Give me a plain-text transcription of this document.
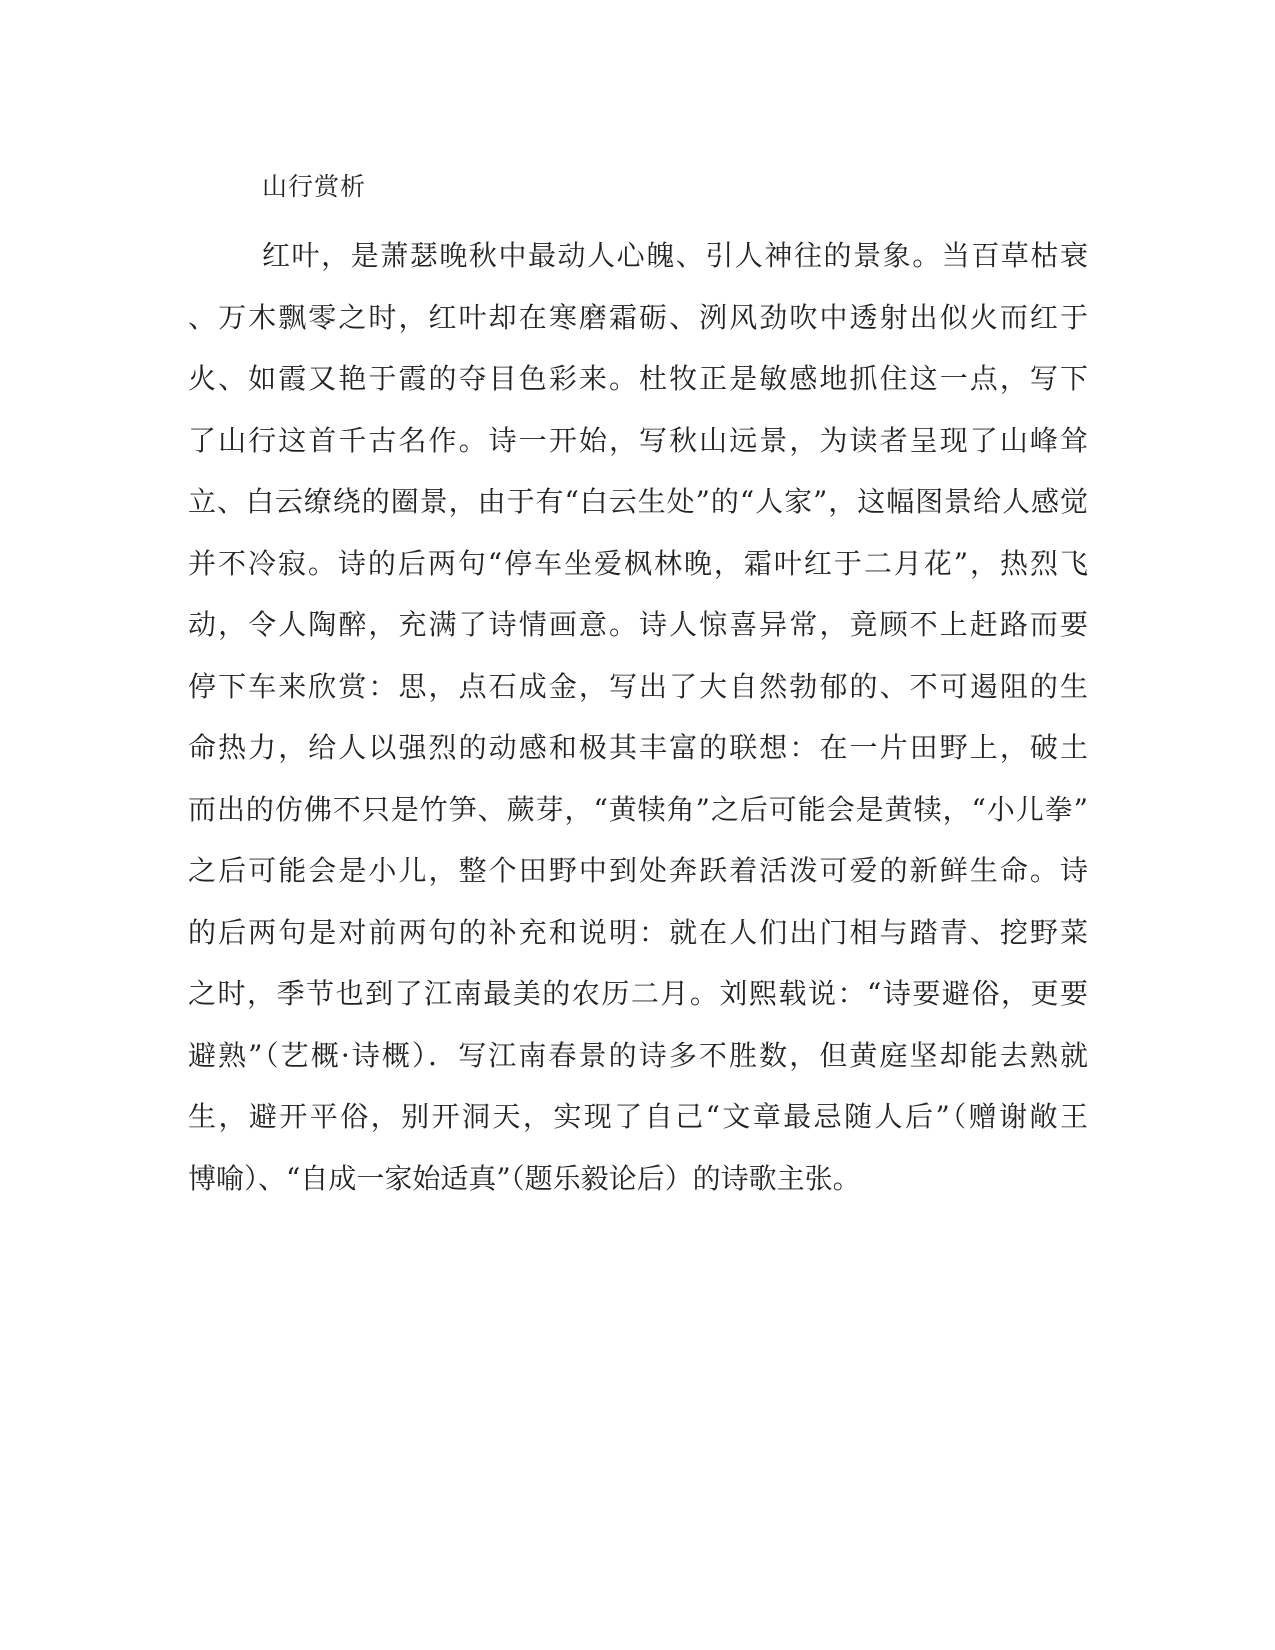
山行赏析
红叶，是萧瑟晚秋中最动人心魄、引人神往的景象。当百草枯衰
、万木飘零之时，红叶却在寒磨霜砺、洌风劲吹中透射出似火而红于
火、如霞又艳于霞的夺目色彩来。杜牧正是敏感地抓住这一点，写下
了山行这首千古名作。诗一开始，写秋山远景，为读者呈现了山峰耸
立、白云缭绕的圈景，由于有“白云生处”的“人家”，这幅图景给人感觉
并不冷寂。诗的后两句“停车坐爱枫林晚，霜叶红于二月花”，热烈飞
动，令人陶醉，充满了诗情画意。诗人惊喜异常，竟顾不上赶路而要
停下车来欣赏：思，点石成金，写出了大自然勃郁的、不可遏阻的生
命热力，给人以强烈的动感和极其丰富的联想：在一片田野上，破土
而出的仿佛不只是竹笋、蕨芽，“黄犊角”之后可能会是黄犊，“小儿拳”
之后可能会是小儿，整个田野中到处奔跃着活泼可爱的新鲜生命。诗
的后两句是对前两句的补充和说明：就在人们出门相与踏青、挖野菜
之时，季节也到了江南最美的农历二月。刘熙载说：“诗要避俗，更要
避熟”（艺概·诗概）．写江南春景的诗多不胜数，但黄庭坚却能去熟就
生，避开平俗，别开洞天，实现了自己“文章最忌随人后”（赠谢敞王
博喻）、“自成一家始适真”（题乐毅论后）的诗歌主张。
